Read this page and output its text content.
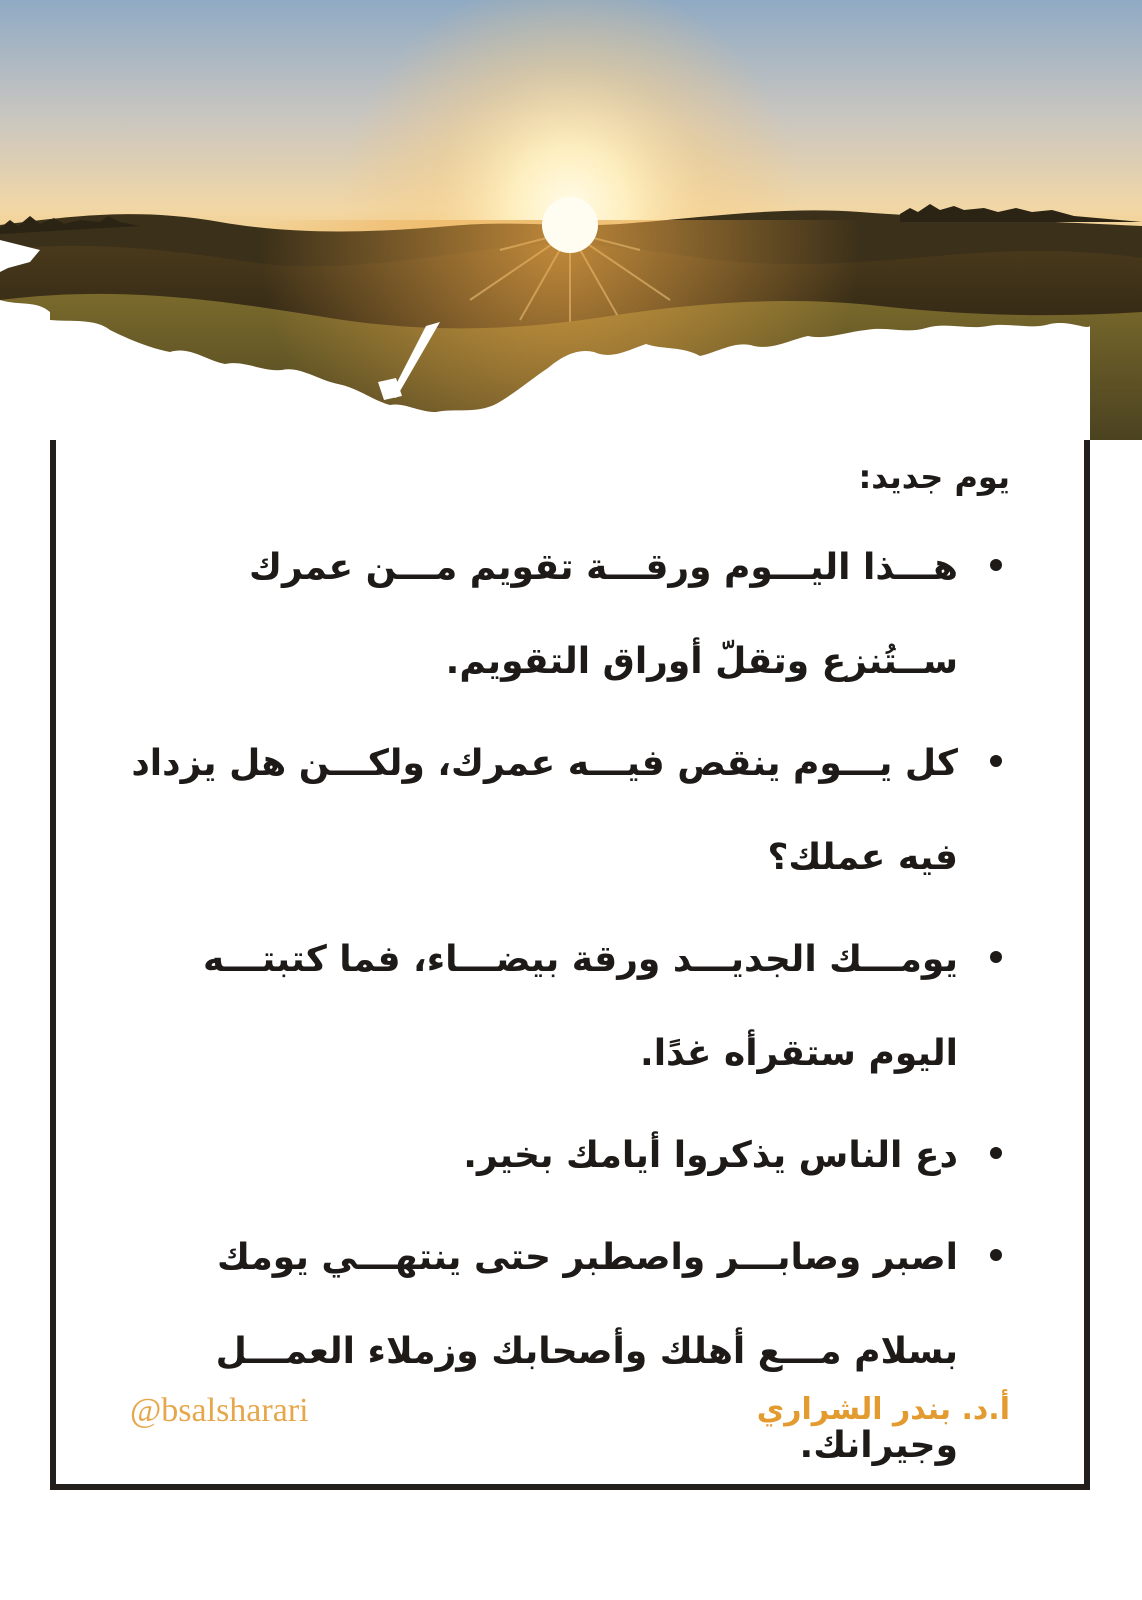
يوم جديد:
هـــذا اليـــوم ورقـــة تقويم مـــن عمرك ســتُنزع وتقلّ أوراق التقويم.
كل يـــوم ينقص فيـــه عمرك، ولكـــن هل يزداد فيه عملك؟
يومـــك الجديـــد ورقة بيضـــاء، فما كتبتـــه اليوم ستقرأه غدًا.
دع الناس يذكروا أيامك بخير.
اصبر وصابـــر واصطبر حتى ينتهـــي يومك بسلام مـــع أهلك وأصحابك وزملاء العمـــل وجيرانك.
@bsalsharari	أ.د. بندر الشراري
